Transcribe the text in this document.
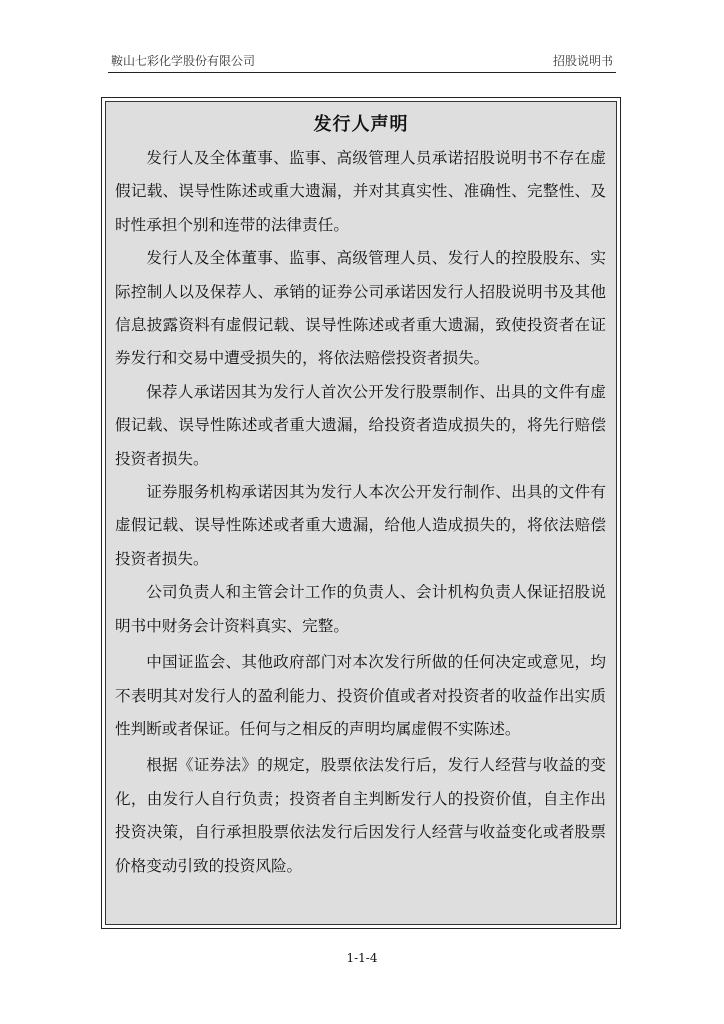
鞍山七彩化学股份有限公司	招股说明书
发行人声明

发行人及全体董事、监事、高级管理人员承诺招股说明书不存在虚假记载、误导性陈述或重大遗漏，并对其真实性、准确性、完整性、及时性承担个别和连带的法律责任。

发行人及全体董事、监事、高级管理人员、发行人的控股股东、实际控制人以及保荐人、承销的证券公司承诺因发行人招股说明书及其他信息披露资料有虚假记载、误导性陈述或者重大遗漏，致使投资者在证券发行和交易中遭受损失的，将依法赔偿投资者损失。

保荐人承诺因其为发行人首次公开发行股票制作、出具的文件有虚假记载、误导性陈述或者重大遗漏，给投资者造成损失的，将先行赔偿投资者损失。

证券服务机构承诺因其为发行人本次公开发行制作、出具的文件有虚假记载、误导性陈述或者重大遗漏，给他人造成损失的，将依法赔偿投资者损失。

公司负责人和主管会计工作的负责人、会计机构负责人保证招股说明书中财务会计资料真实、完整。

中国证监会、其他政府部门对本次发行所做的任何决定或意见，均不表明其对发行人的盈利能力、投资价值或者对投资者的收益作出实质性判断或者保证。任何与之相反的声明均属虚假不实陈述。

根据《证券法》的规定，股票依法发行后，发行人经营与收益的变化，由发行人自行负责；投资者自主判断发行人的投资价值，自主作出投资决策，自行承担股票依法发行后因发行人经营与收益变化或者股票价格变动引致的投资风险。

1-1-4
